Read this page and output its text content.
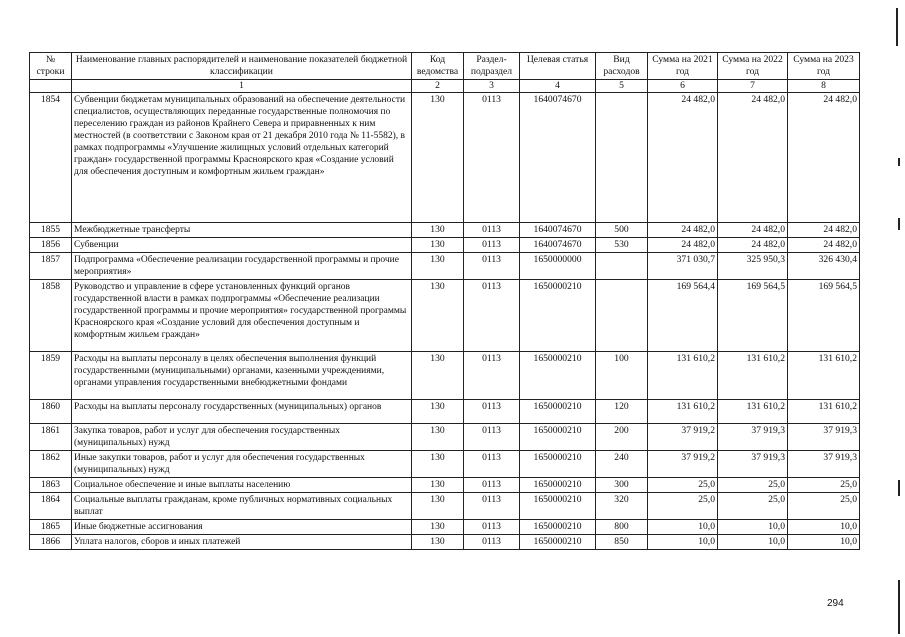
№ строки	Наименование главных распорядителей и наименование показателей бюджетной классификации	Код ведомства	Раздел-подраздел	Целевая статья	Вид расходов	Сумма на 2021 год	Сумма на 2022 год	Сумма на 2023 год
	1	2	3	4	5	6	7	8
1854	Субвенции бюджетам муниципальных образований на обеспечение деятельности специалистов, осуществляющих переданные государственные полномочия по переселению граждан из районов Крайнего Севера и приравненных к ним местностей (в соответствии с Законом края от 21 декабря 2010 года № 11-5582), в рамках подпрограммы «Улучшение жилищных условий отдельных категорий граждан» государственной программы Красноярского края «Создание условий для обеспечения доступным и комфортным жильем граждан»	130	0113	1640074670		24 482,0	24 482,0	24 482,0
1855	Межбюджетные трансферты	130	0113	1640074670	500	24 482,0	24 482,0	24 482,0
1856	Субвенции	130	0113	1640074670	530	24 482,0	24 482,0	24 482,0
1857	Подпрограмма «Обеспечение реализации государственной программы и прочие мероприятия»	130	0113	1650000000		371 030,7	325 950,3	326 430,4
1858	Руководство и управление в сфере установленных функций органов государственной власти в рамках подпрограммы «Обеспечение реализации государственной программы и прочие мероприятия» государственной программы Красноярского края «Создание условий для обеспечения доступным и комфортным жильем граждан»	130	0113	1650000210		169 564,4	169 564,5	169 564,5
1859	Расходы на выплаты персоналу в целях обеспечения выполнения функций государственными (муниципальными) органами, казенными учреждениями, органами управления государственными внебюджетными фондами	130	0113	1650000210	100	131 610,2	131 610,2	131 610,2
1860	Расходы на выплаты персоналу государственных (муниципальных) органов	130	0113	1650000210	120	131 610,2	131 610,2	131 610,2
1861	Закупка товаров, работ и услуг для обеспечения государственных (муниципальных) нужд	130	0113	1650000210	200	37 919,2	37 919,3	37 919,3
1862	Иные закупки товаров, работ и услуг для обеспечения государственных (муниципальных) нужд	130	0113	1650000210	240	37 919,2	37 919,3	37 919,3
1863	Социальное обеспечение и иные выплаты населению	130	0113	1650000210	300	25,0	25,0	25,0
1864	Социальные выплаты гражданам, кроме публичных нормативных социальных выплат	130	0113	1650000210	320	25,0	25,0	25,0
1865	Иные бюджетные ассигнования	130	0113	1650000210	800	10,0	10,0	10,0
1866	Уплата налогов, сборов и иных платежей	130	0113	1650000210	850	10,0	10,0	10,0
294
